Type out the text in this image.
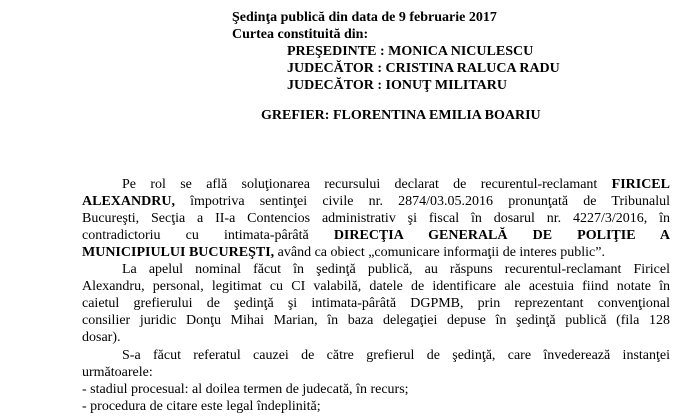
Şedinţa publică din data de 9 februarie 2017
Curtea constituită din:
PREŞEDINTE : MONICA NICULESCU
JUDECĂTOR : CRISTINA RALUCA RADU
JUDECĂTOR : IONUŢ MILITARU
GREFIER: FLORENTINA EMILIA BOARIU
Pe rol se află soluţionarea recursului declarat de recurentul-reclamant FIRICEL
ALEXANDRU, împotriva sentinţei civile nr. 2874/03.05.2016 pronunţată de Tribunalul
Bucureşti, Secţia a II-a Contencios administrativ şi fiscal în dosarul nr. 4227/3/2016, în
contradictoriu cu intimata-pârâtă DIRECŢIA GENERALĂ DE POLIŢIE A
MUNICIPIULUI BUCUREŞTI, având ca obiect „comunicare informaţii de interes public”.
La apelul nominal făcut în şedinţă publică, au răspuns recurentul-reclamant Firicel
Alexandru, personal, legitimat cu CI valabilă, datele de identificare ale acestuia fiind notate în
caietul grefierului de şedinţă şi intimata-pârâtă DGPMB, prin reprezentant convenţional
consilier juridic Donţu Mihai Marian, în baza delegaţiei depuse în şedinţă publică (fila 128
dosar).
S-a făcut referatul cauzei de către grefierul de şedinţă, care învederează instanţei
următoarele:
- stadiul procesual: al doilea termen de judecată, în recurs;
- procedura de citare este legal îndeplinită;
